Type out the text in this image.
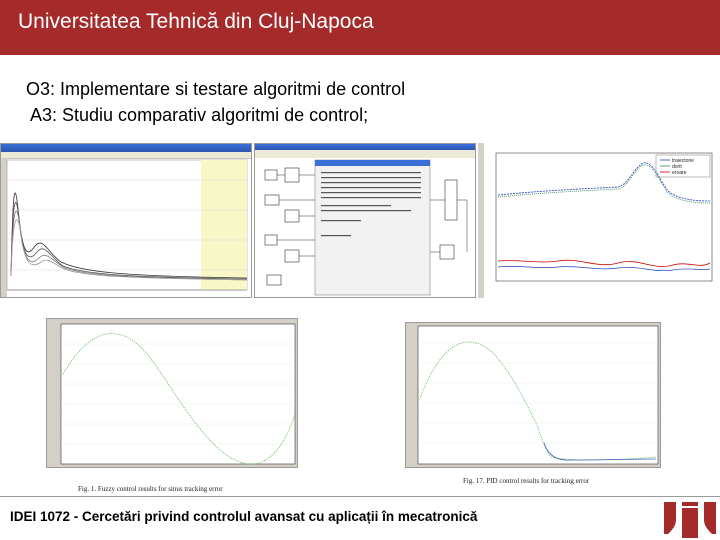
Universitatea Tehnică din Cluj-Napoca
O3: Implementare si testare algoritmi de control
A3: Studiu comparativ algoritmi de control;
traiectorie
dorit
eroare
Fig. 1. Fuzzy control results for sinus tracking error
Fig. 17. PID control results for tracking error
IDEI 1072 - Cercetări privind controlul avansat cu aplicații în mecatronică
